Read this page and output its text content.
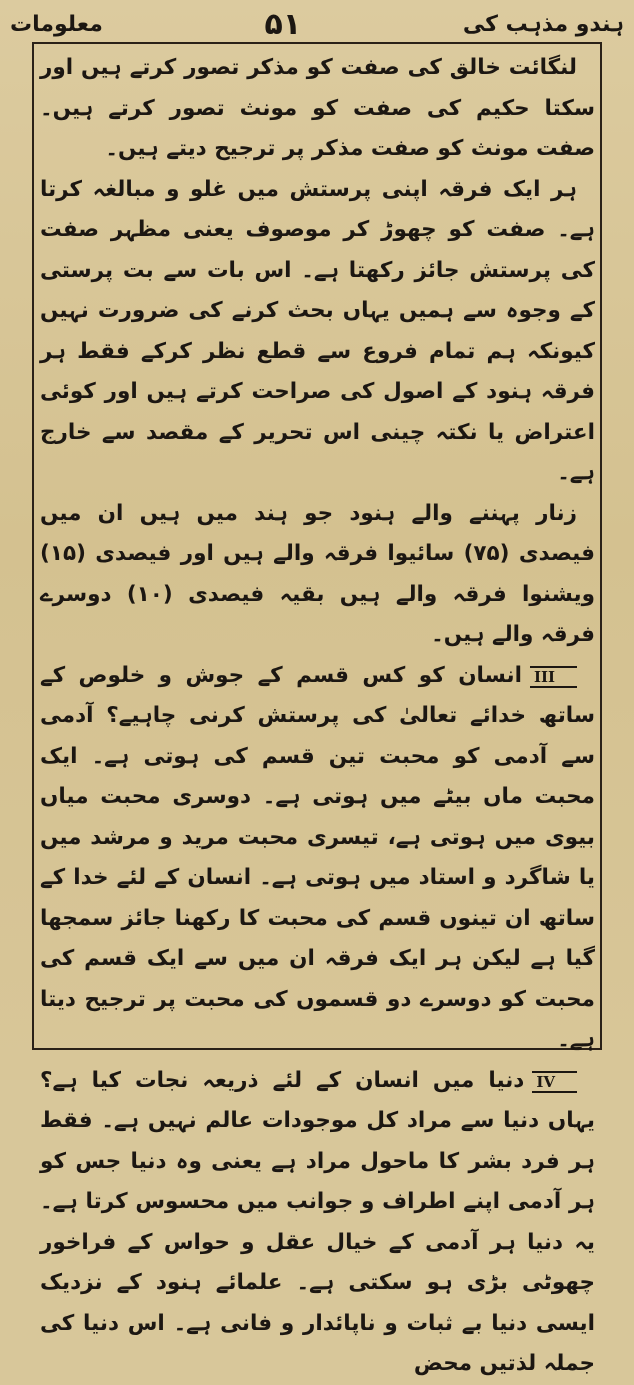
ہندو مذہب کی
۵۱
معلومات

لنگائت خالق کی صفت کو مذکر تصور کرتے ہیں اور سکتا حکیم کی صفت کو مونث تصور کرتے ہیں۔ صفت مونث کو صفت مذکر پر ترجیح دیتے ہیں۔

ہر ایک فرقہ اپنی پرستش میں غلو و مبالغہ کرتا ہے۔ صفت کو چھوڑ کر موصوف یعنی مظہر صفت کی پرستش جائز رکھتا ہے۔ اس بات سے بت پرستی کے وجوہ سے ہمیں یہاں بحث کرنے کی ضرورت نہیں کیونکہ ہم تمام فروع سے قطع نظر کرکے فقط ہر فرقہ ہنود کے اصول کی صراحت کرتے ہیں اور کوئی اعتراض یا نکتہ چینی اس تحریر کے مقصد سے خارج ہے۔

زنار پہننے والے ہنود جو ہند میں ہیں ان میں فیصدی (۷۵) سائیوا فرقہ والے ہیں اور فیصدی (۱۵) ویشنوا فرقہ والے ہیں بقیہ فیصدی (۱۰) دوسرے فرقہ والے ہیں۔

IIIانسان کو کس قسم کے جوش و خلوص کے ساتھ خدائے تعالیٰ کی پرستش کرنی چاہیے؟ آدمی سے آدمی کو محبت تین قسم کی ہوتی ہے۔ ایک محبت ماں بیٹے میں ہوتی ہے۔ دوسری محبت میاں بیوی میں ہوتی ہے، تیسری محبت مرید و مرشد میں یا شاگرد و استاد میں ہوتی ہے۔ انسان کے لئے خدا کے ساتھ ان تینوں قسم کی محبت کا رکھنا جائز سمجھا گیا ہے لیکن ہر ایک فرقہ ان میں سے ایک قسم کی محبت کو دوسرے دو قسموں کی محبت پر ترجیح دیتا ہے۔

IVدنیا میں انسان کے لئے ذریعہ نجات کیا ہے؟ یہاں دنیا سے مراد کل موجودات عالم نہیں ہے۔ فقط ہر فرد بشر کا ماحول مراد ہے یعنی وہ دنیا جس کو ہر آدمی اپنے اطراف و جوانب میں محسوس کرتا ہے۔ یہ دنیا ہر آدمی کے خیال عقل و حواس کے فراخور چھوٹی بڑی ہو سکتی ہے۔ علمائے ہنود کے نزدیک ایسی دنیا بے ثبات و ناپائدار و فانی ہے۔ اس دنیا کی جملہ لذتیں محض
